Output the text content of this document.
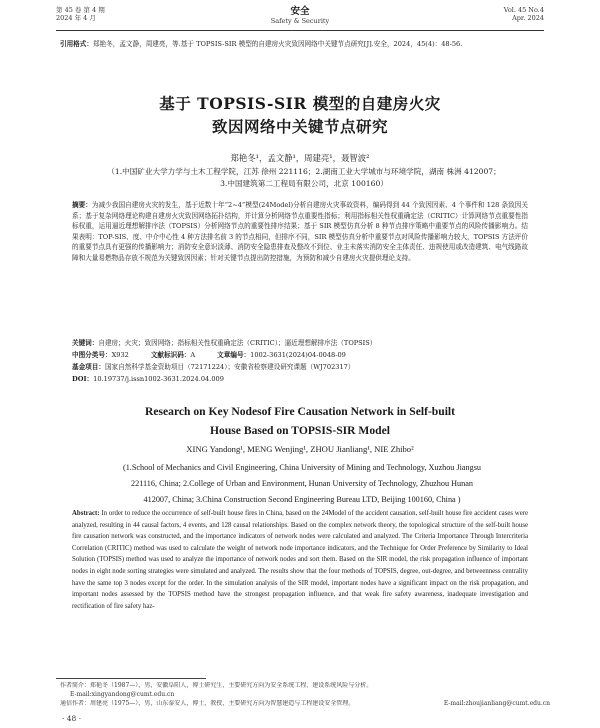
第 45 卷 第 4 期
2024 年 4 月
安全
Safety & Security
Vol. 45 No.4
Apr. 2024
引用格式：郑艳冬，孟文静，周建亮，等.基于 TOPSIS-SIR 模型的自建房火灾致因网络中关键节点研究[J].安全，2024，45(4)：48-56.
基于 TOPSIS-SIR 模型的自建房火灾
致因网络中关键节点研究
郑艳冬¹，孟文静¹，周建亮¹，聂智波²
（1.中国矿业大学力学与土木工程学院，江苏 徐州 221116；2.湖南工业大学城市与环境学院，湖南 株洲 412007；
3.中国建筑第二工程局有限公司，北京 100160）
摘要：为减少我国自建房火灾的发生，基于近数十年“2~4”模型(24Model)分析自建房火灾事故资料，编码得到 44 个致因因素、4 个事件和 128 条致因关系；基于复杂网络理论构建自建房火灾致因网络拓扑结构，并计算分析网络节点重要性指标；利用指标相关性权重确定法（CRITIC）计算网络节点重要性指标权重，运用逼近理想解排序法（TOPSIS）分析网络节点的重要性排序结果；基于 SIR 模型仿真分析 8 种节点排序策略中重要节点的风险传播影响力。结果表明：TOP-SIS、度、中介中心性 4 种方法排名前 3 的节点相同，但排序不同，SIR 模型仿真分析中重要节点对风险传播影响力较大，TOPSIS 方法评价的重要节点具有更强的传播影响力；消防安全意识淡薄、消防安全隐患排查及整改不到位、业主未落实消防安全主体责任、违规使用或改造建筑、电气线路故障和大量易燃物品存放不规范为关键致因因素；针对关键节点提出防控措施，为预防和减少自建房火灾提供理论支持。
关键词：自建房；火灾；致因网络；指标相关性权重确定法（CRITIC）；逼近理想解排序法（TOPSIS）
中图分类号：X932	文献标识码：A	文章编号：1002-3631(2024)04-0048-09
基金项目：国家自然科学基金资助项目（72171224）；安徽省检察建设研究课题（WJ702317）
DOI：10.19737/j.issn1002-3631.2024.04.009
Research on Key Nodesof Fire Causation Network in Self-built
House Based on TOPSIS-SIR Model
XING Yandong¹, MENG Wenjing¹, ZHOU Jianliang¹, NIE Zhibo²
(1.School of Mechanics and Civil Engineering, China University of Mining and Technology, Xuzhou Jiangsu
221116, China; 2.College of Urban and Environment, Hunan University of Technology, Zhuzhou Hunan
412007, China; 3.China Construction Second Engineering Bureau LTD, Beijing 100160, China )
Abstract: In order to reduce the occurrence of self-built house fires in China, based on the 24Model of the accident causation, self-built house fire accident cases were analyzed, resulting in 44 causal factors, 4 events, and 128 causal relationships. Based on the complex network theory, the topological structure of the self-built house fire causation network was constructed, and the importance indicators of network nodes were calculated and analyzed. The Criteria Importance Through Intercriteria Correlation (CRITIC) method was used to calculate the weight of network node importance indicators, and the Technique for Order Preference by Similarity to Ideal Solution (TOPSIS) method was used to analyze the importance of network nodes and sort them. Based on the SIR model, the risk propagation influence of important nodes in eight node sorting strategies were simulated and analyzed. The results show that the four methods of TOPSIS, degree, out-degree, and betweenness centrality have the same top 3 nodes except for the order. In the simulation analysis of the SIR model, important nodes have a significant impact on the risk propagation, and important nodes assessed by the TOPSIS method have the strongest propagation influence, and that weak fire safety awareness, inadequate investigation and rectification of fire safety haz-
作者简介：郑艳冬（1987—），男，安徽阜阳人，博士研究生，主要研究方向为安全系统工程、建设系统风险与分析。
E-mail:xingyandong@cumt.edu.cn
通信作者：周建亮（1975—），男，山东泰安人，博士，教授，主要研究方向为智慧建造与工程建设安全管理。	E-mail:zhoujianliang@cumt.edu.cn
· 48 ·
